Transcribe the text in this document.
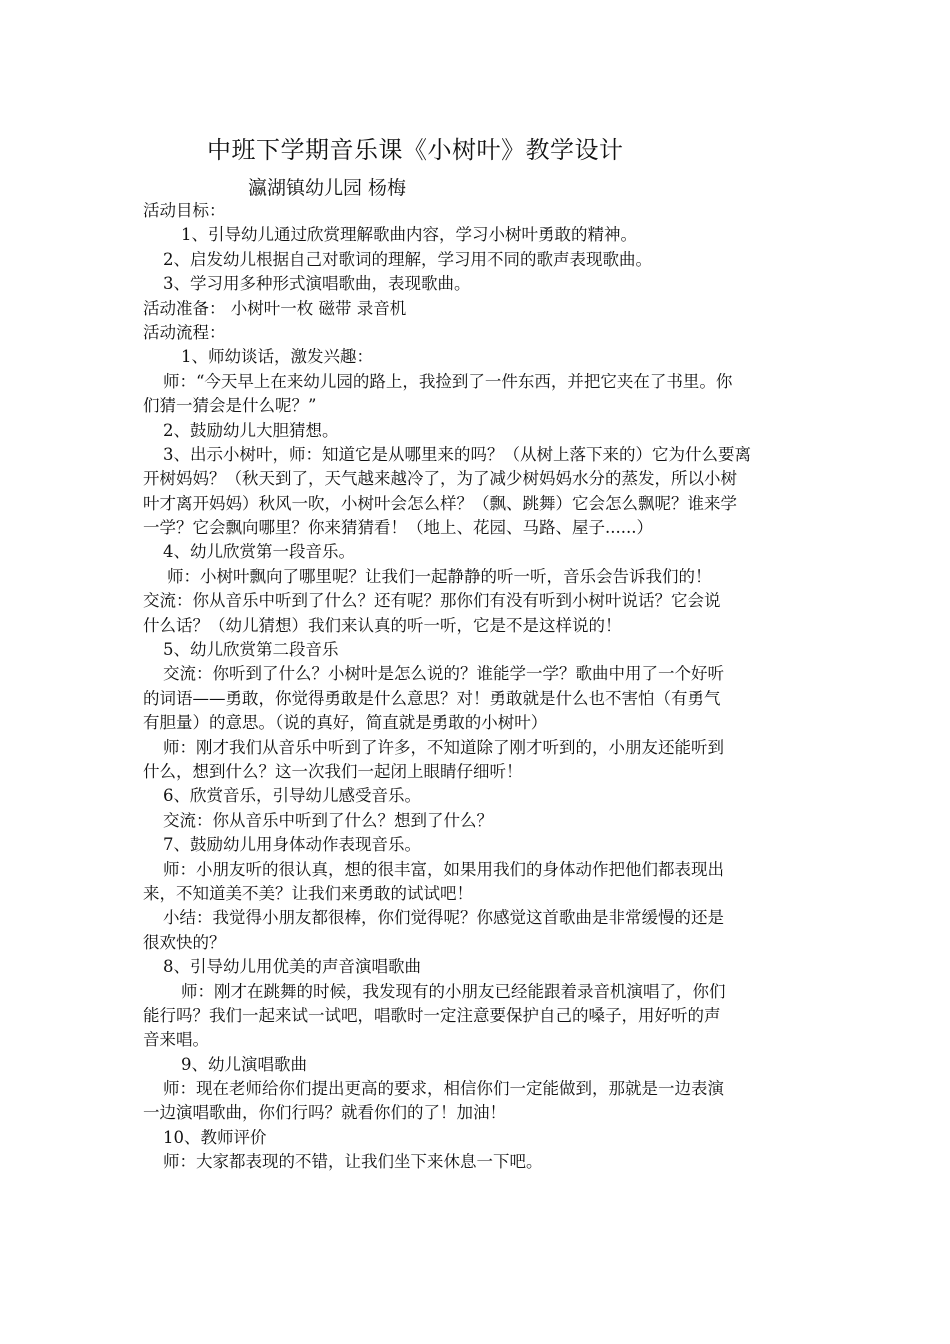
中班下学期音乐课《小树叶》教学设计
瀛湖镇幼儿园 杨梅
活动目标：
1、引导幼儿通过欣赏理解歌曲内容，学习小树叶勇敢的精神。
2、启发幼儿根据自己对歌词的理解，学习用不同的歌声表现歌曲。
3、学习用多种形式演唱歌曲，表现歌曲。
活动准备： 小树叶一枚 磁带 录音机
活动流程：
1、师幼谈话，激发兴趣：
师：“今天早上在来幼儿园的路上，我捡到了一件东西，并把它夹在了书里。你
们猜一猜会是什么呢？”
2、鼓励幼儿大胆猜想。
3、出示小树叶，师：知道它是从哪里来的吗？（从树上落下来的）它为什么要离
开树妈妈？（秋天到了，天气越来越冷了，为了减少树妈妈水分的蒸发，所以小树
叶才离开妈妈）秋风一吹，小树叶会怎么样？（飘、跳舞）它会怎么飘呢？谁来学
一学？它会飘向哪里？你来猜猜看！（地上、花园、马路、屋子......）
4、幼儿欣赏第一段音乐。
师：小树叶飘向了哪里呢？让我们一起静静的听一听，音乐会告诉我们的！
交流：你从音乐中听到了什么？还有呢？那你们有没有听到小树叶说话？它会说
什么话？（幼儿猜想）我们来认真的听一听，它是不是这样说的！
5、幼儿欣赏第二段音乐
交流：你听到了什么？小树叶是怎么说的？谁能学一学？歌曲中用了一个好听
的词语——勇敢，你觉得勇敢是什么意思？对！勇敢就是什么也不害怕（有勇气
有胆量）的意思。（说的真好，简直就是勇敢的小树叶）
师：刚才我们从音乐中听到了许多，不知道除了刚才听到的，小朋友还能听到
什么，想到什么？这一次我们一起闭上眼睛仔细听！
6、欣赏音乐，引导幼儿感受音乐。
交流：你从音乐中听到了什么？想到了什么？
7、鼓励幼儿用身体动作表现音乐。
师：小朋友听的很认真，想的很丰富，如果用我们的身体动作把他们都表现出
来，不知道美不美？让我们来勇敢的试试吧！
小结：我觉得小朋友都很棒，你们觉得呢？你感觉这首歌曲是非常缓慢的还是
很欢快的？
8、引导幼儿用优美的声音演唱歌曲
师：刚才在跳舞的时候，我发现有的小朋友已经能跟着录音机演唱了，你们
能行吗？我们一起来试一试吧，唱歌时一定注意要保护自己的嗓子，用好听的声
音来唱。
9、幼儿演唱歌曲
师：现在老师给你们提出更高的要求，相信你们一定能做到，那就是一边表演
一边演唱歌曲，你们行吗？就看你们的了！加油！
10、教师评价
师：大家都表现的不错，让我们坐下来休息一下吧。
